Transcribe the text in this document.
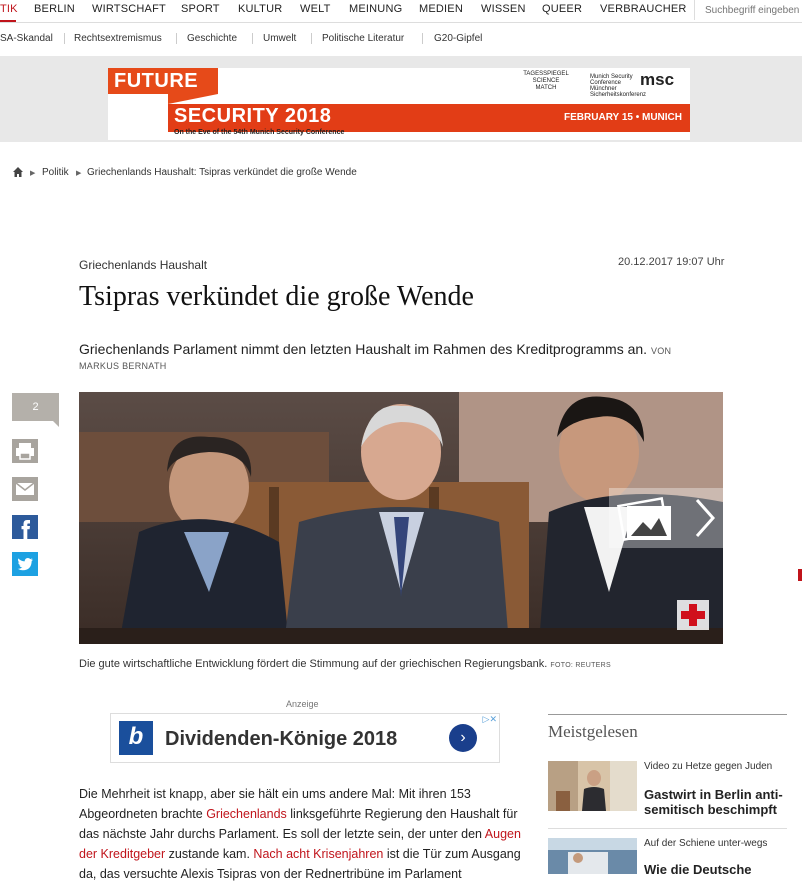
TIK BERLIN WIRTSCHAFT SPORT KULTUR WELT MEINUNG MEDIEN WISSEN QUEER VERBRAUCHER
Suchbegriff eingeben
SA-Skandal Rechtsextremismus	Geschichte	Umwelt	Politische Literatur	G20-Gipfel
FUTURE
SECURITY 2018
On the Eve of the 54th Munich Security Conference
FEBRUARY 15 • MUNICH
TAGESSPIEGEL SCIENCE MATCH
Munich Security Conference Münchner Sicherheitskonferenz
msc
▶ Politik ▶ Griechenlands Haushalt: Tsipras verkündet die große Wende
Griechenlands Haushalt	20.12.2017 19:07 Uhr
Tsipras verkündet die große Wende
Griechenlands Parlament nimmt den letzten Haushalt im Rahmen des Kreditprogramms an. VON
MARKUS BERNATH
2
Die gute wirtschaftliche Entwicklung fördert die Stimmung auf der griechischen Regierungsbank. FOTO: REUTERS
Anzeige
b	Dividenden-Könige 2018	›
▷✕
Die Mehrheit ist knapp, aber sie hält ein ums andere Mal: Mit ihren 153 Abgeordneten brachte Griechenlands linksgeführte Regierung den Haushalt für das nächste Jahr durchs Parlament. Es soll der letzte sein, der unter den Augen der Kreditgeber zustande kam. Nach acht Krisenjahren ist die Tür zum Ausgang da, das versuchte Alexis Tsipras von der Rednertribüne im Parlament
Meistgelesen
Video zu Hetze gegen Juden
Gastwirt in Berlin anti-semitisch beschimpft
Auf der Schiene unter-wegs
Wie die Deutsche
